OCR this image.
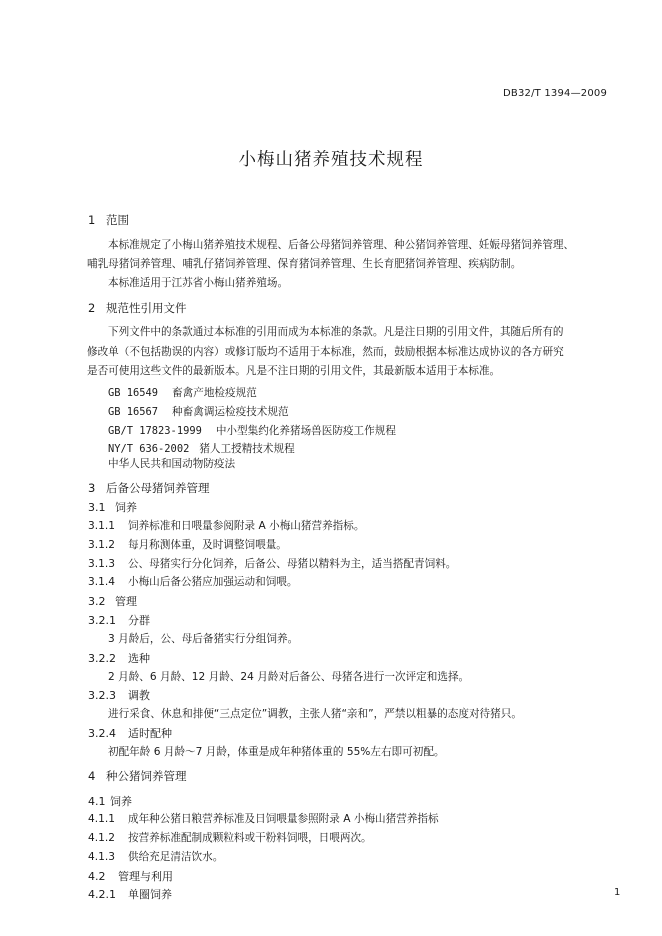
DB32/T 1394—2009
小梅山猪养殖技术规程
1 范围
本标准规定了小梅山猪养殖技术规程、后备公母猪饲养管理、种公猪饲养管理、妊娠母猪饲养管理、
哺乳母猪饲养管理、哺乳仔猪饲养管理、保育猪饲养管理、生长育肥猪饲养管理、疾病防制。
本标准适用于江苏省小梅山猪养殖场。
2 规范性引用文件
下列文件中的条款通过本标准的引用而成为本标准的条款。凡是注日期的引用文件，其随后所有的
修改单（不包括勘误的内容）或修订版均不适用于本标准，然而，鼓励根据本标准达成协议的各方研究
是否可使用这些文件的最新版本。凡是不注日期的引用文件，其最新版本适用于本标准。
GB 16549 畜禽产地检疫规范
GB 16567 种畜禽调运检疫技术规范
GB/T 17823-1999 中小型集约化养猪场兽医防疫工作规程
NY/T 636-2002 猪人工授精技术规程
中华人民共和国动物防疫法
3 后备公母猪饲养管理
3.1 饲养
3.1.1 饲养标准和日喂量参阅附录 A 小梅山猪营养指标。
3.1.2 每月称测体重，及时调整饲喂量。
3.1.3 公、母猪实行分化饲养，后备公、母猪以精料为主，适当搭配青饲料。
3.1.4 小梅山后备公猪应加强运动和饲喂。
3.2 管理
3.2.1 分群
3 月龄后，公、母后备猪实行分组饲养。
3.2.2 选种
2 月龄、6 月龄、12 月龄、24 月龄对后备公、母猪各进行一次评定和选择。
3.2.3 调教
进行采食、休息和排便“三点定位”调教，主张人猪“亲和”，严禁以粗暴的态度对待猪只。
3.2.4 适时配种
初配年龄 6 月龄～7 月龄，体重是成年种猪体重的 55%左右即可初配。
4 种公猪饲养管理
4.1 饲养
4.1.1 成年种公猪日粮营养标准及日饲喂量参照附录 A 小梅山猪营养指标
4.1.2 按营养标准配制成颗粒料或干粉料饲喂，日喂两次。
4.1.3 供给充足清洁饮水。
4.2 管理与利用
4.2.1 单圈饲养	1
